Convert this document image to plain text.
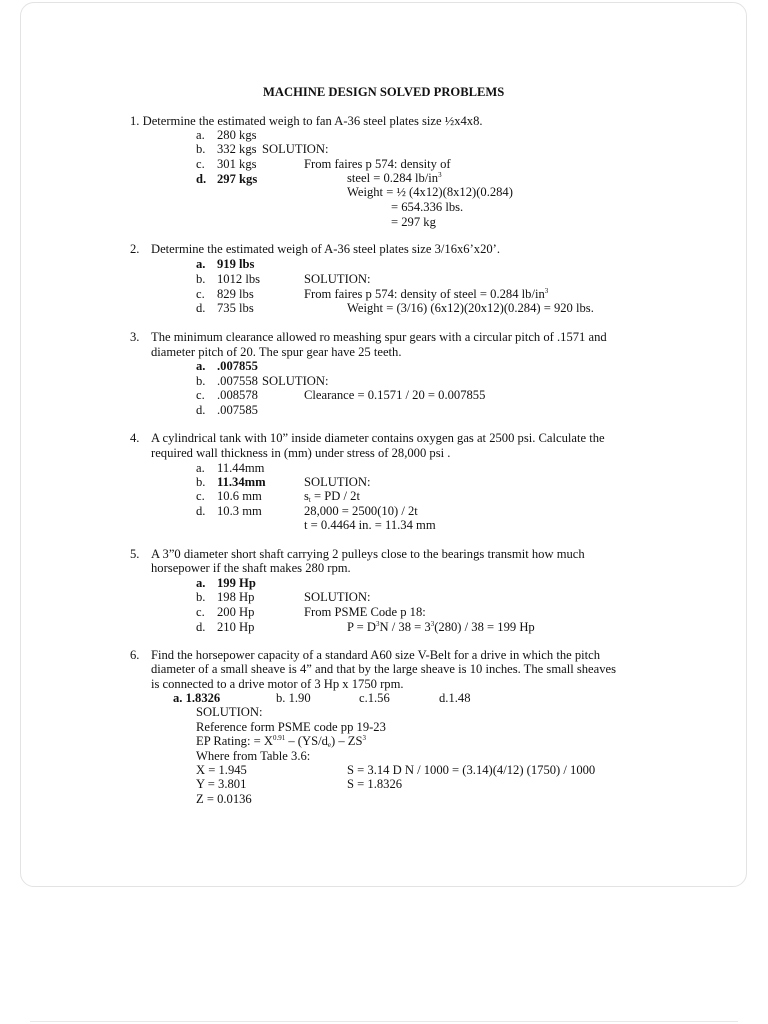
MACHINE DESIGN SOLVED PROBLEMS
1. Determine the estimated weigh to fan A-36 steel plates size ½x4x8.
a. 280 kgs
b. 332 kgs SOLUTION:
c. 301 kgs	From faires p 574: density of
d. 297 kgs	steel = 0.284 $lb/in^3$
Weight = ½ (4x12)(8x12)(0.284)
= 654.336 lbs.
= 297 kg
2. Determine the estimated weigh of A-36 steel plates size 3/16x6’x20’.
a. 919 lbs
b. 1012 lbs	SOLUTION:
c. 829 lbs	From faires p 574: density of steel = 0.284 $lb/in^3$
d. 735 lbs	Weight = (3/16) (6x12)(20x12)(0.284) = 920 lbs.
3. The minimum clearance allowed ro meashing spur gears with a circular pitch of .1571 and
diameter pitch of 20. The spur gear have 25 teeth.
a. .007855
b. .007558 SOLUTION:
c. .008578	Clearance = 0.1571 / 20 = 0.007855
d. .007585
4. A cylindrical tank with 10” inside diameter contains oxygen gas at 2500 psi. Calculate the
required wall thickness in (mm) under stress of 28,000 psi .
a. 11.44mm
b. 11.34mm	SOLUTION:
c. 10.6 mm	$s_t$ = PD / 2t
d. 10.3 mm	28,000 = 2500(10) / 2t
t = 0.4464 in. = 11.34 mm
5. A 3”0 diameter short shaft carrying 2 pulleys close to the bearings transmit how much
horsepower if the shaft makes 280 rpm.
a. 199 Hp
b. 198 Hp	SOLUTION:
c. 200 Hp	From PSME Code p 18:
d. 210 Hp	$P = D^3N / 38 = 3^3(280) / 38 = 199$ Hp
6. Find the horsepower capacity of a standard A60 size V-Belt for a drive in which the pitch
diameter of a small sheave is 4” and that by the large sheave is 10 inches. The small sheaves
is connected to a drive motor of 3 Hp x 1750 rpm.
a. 1.8326	b. 1.90	c.1.56	d.1.48
SOLUTION:
Reference form PSME code pp 19-23
EP Rating: = $X^{0.91} - (YS/d_e) - ZS^3$
Where from Table 3.6:
X = 1.945	S = 3.14 D N / 1000 = (3.14)(4/12) (1750) / 1000
Y = 3.801	S = 1.8326
Z = 0.0136
